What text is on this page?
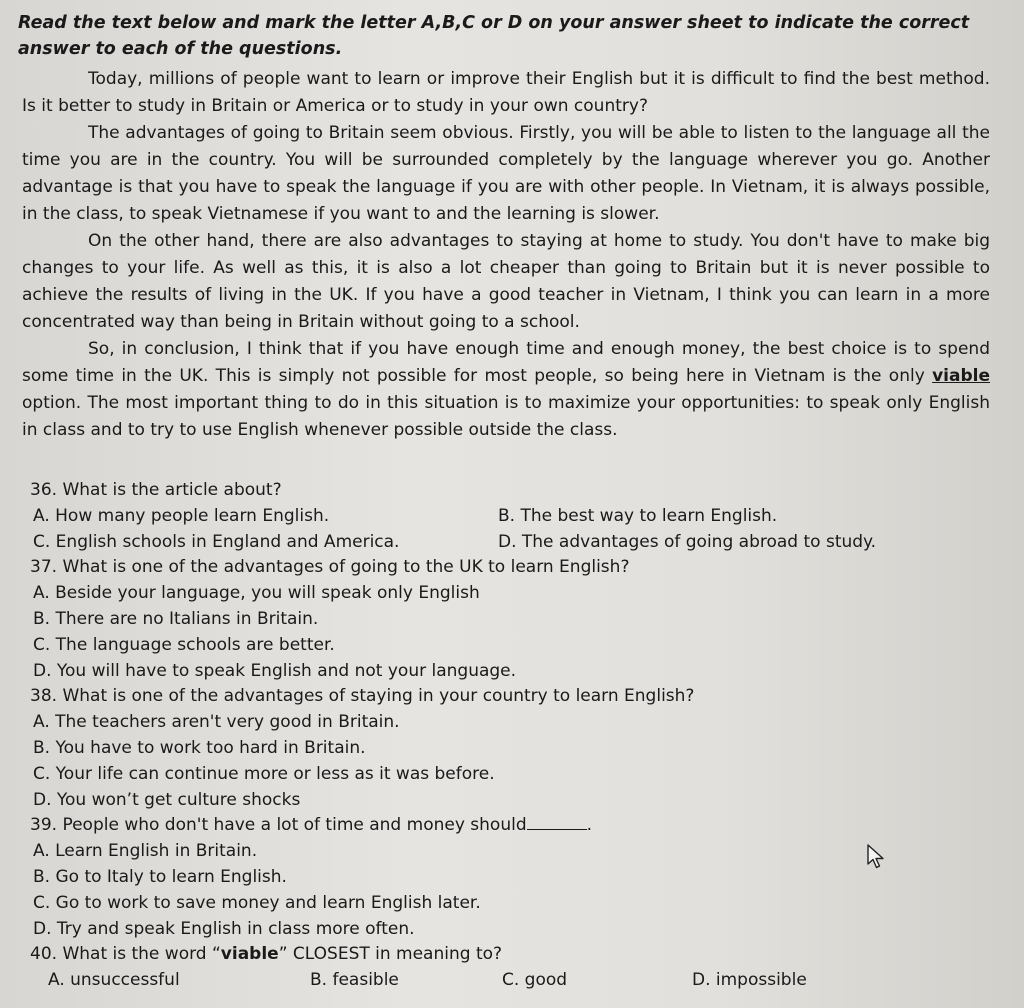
Read the text below and mark the letter A,B,C or D on your answer sheet to indicate the correct answer to each of the questions.

Today, millions of people want to learn or improve their English but it is difficult to find the best method. Is it better to study in Britain or America or to study in your own country?

The advantages of going to Britain seem obvious. Firstly, you will be able to listen to the language all the time you are in the country. You will be surrounded completely by the language wherever you go. Another advantage is that you have to speak the language if you are with other people. In Vietnam, it is always possible, in the class, to speak Vietnamese if you want to and the learning is slower.

On the other hand, there are also advantages to staying at home to study. You don't have to make big changes to your life. As well as this, it is also a lot cheaper than going to Britain but it is never possible to achieve the results of living in the UK. If you have a good teacher in Vietnam, I think you can learn in a more concentrated way than being in Britain without going to a school.

So, in conclusion, I think that if you have enough time and enough money, the best choice is to spend some time in the UK. This is simply not possible for most people, so being here in Vietnam is the only viable option. The most important thing to do in this situation is to maximize your opportunities: to speak only English in class and to try to use English whenever possible outside the class.

36. What is the article about?

A. How many people learn English.	B. The best way to learn English.
C. English schools in England and America.	D. The advantages of going abroad to study.

37. What is one of the advantages of going to the UK to learn English?

A. Beside your language, you will speak only English

B. There are no Italians in Britain.

C. The language schools are better.

D. You will have to speak English and not your language.

38. What is one of the advantages of staying in your country to learn English?

A. The teachers aren't very good in Britain.

B. You have to work too hard in Britain.

C. Your life can continue more or less as it was before.

D. You won’t get culture shocks

39. People who don't have a lot of time and money should	.

A. Learn English in Britain.

B. Go to Italy to learn English.

C. Go to work to save money and learn English later.

D. Try and speak English in class more often.

40. What is the word “viable” CLOSEST in meaning to?

A. unsuccessful	B. feasible	C. good	D. impossible
